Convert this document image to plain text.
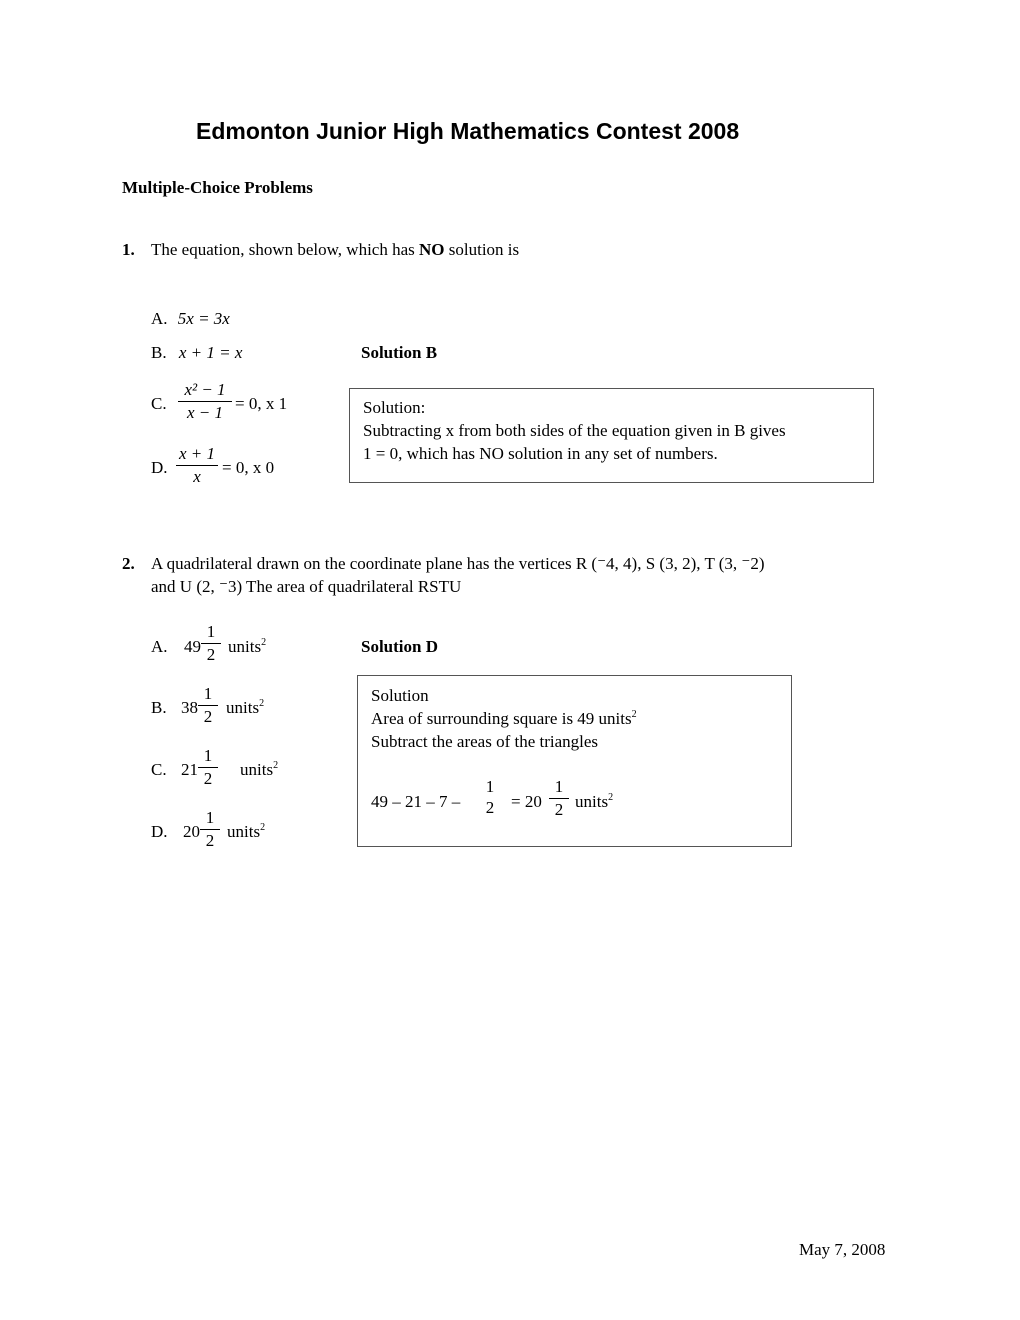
Edmonton Junior High Mathematics Contest 2008
Multiple-Choice Problems
1. The equation, shown below, which has NO solution is
A. 5x = 3x
B. x + 1 = x	Solution B
C.
x² − 1
x − 1 = 0, x 1
D.
x + 1
x	= 0, x 0
Solution:
Subtracting x from both sides of the equation given in B gives
1 = 0, which has NO solution in any set of numbers.
2. A quadrilateral drawn on the coordinate plane has the vertices R (⁻4, 4), S (3, 2), T (3, ⁻2)
and U (2, ⁻3) The area of quadrilateral RSTU
A. 49
1
2 units$^2$	Solution D
B. 38
1
2 units$^2$
C. 21
1
2	units$^2$
D. 20
1
2 units$^2$
Solution
Area of surrounding square is 49 units$^2$
Subtract the areas of the triangles
49 – 21 – 7 –
1
2 = 20
1
2 units$^2$
May 7, 2008
